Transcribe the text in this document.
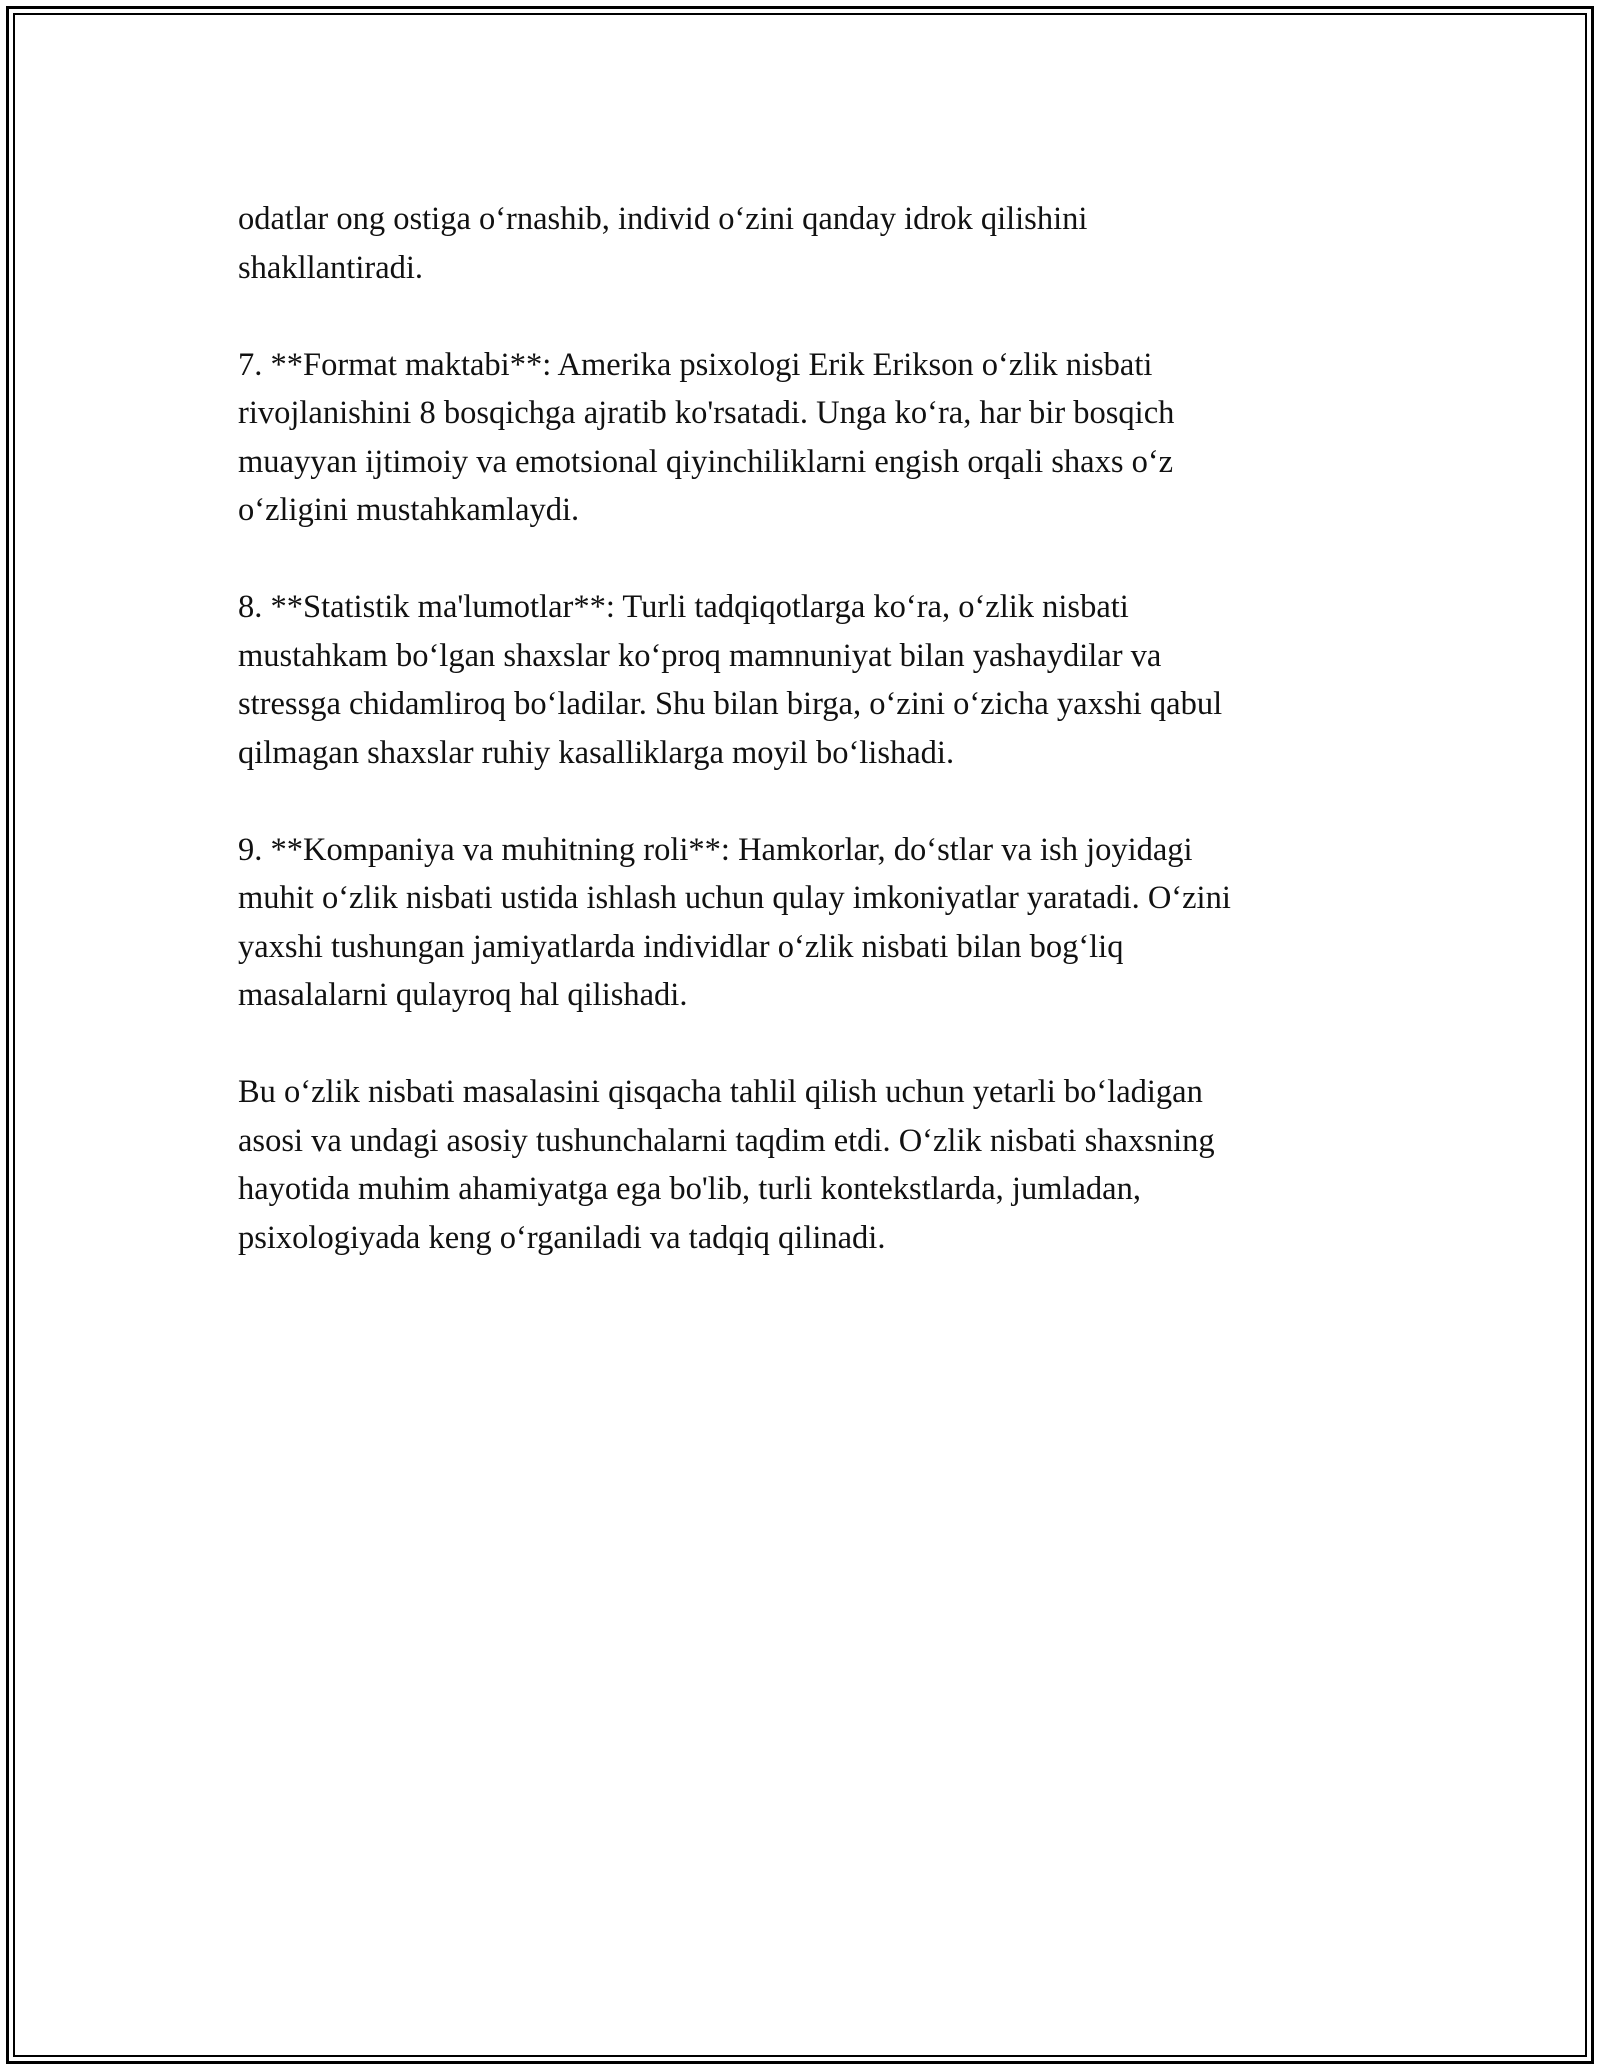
odatlar ong ostiga o‘rnashib, individ o‘zini qanday idrok qilishini
shakllantiradi.

7. **Format maktabi**: Amerika psixologi Erik Erikson o‘zlik nisbati
rivojlanishini 8 bosqichga ajratib ko'rsatadi. Unga ko‘ra, har bir bosqich
muayyan ijtimoiy va emotsional qiyinchiliklarni engish orqali shaxs o‘z
o‘zligini mustahkamlaydi.

8. **Statistik ma'lumotlar**: Turli tadqiqotlarga ko‘ra, o‘zlik nisbati
mustahkam bo‘lgan shaxslar ko‘proq mamnuniyat bilan yashaydilar va
stressga chidamliroq bo‘ladilar. Shu bilan birga, o‘zini o‘zicha yaxshi qabul
qilmagan shaxslar ruhiy kasalliklarga moyil bo‘lishadi.

9. **Kompaniya va muhitning roli**: Hamkorlar, do‘stlar va ish joyidagi
muhit o‘zlik nisbati ustida ishlash uchun qulay imkoniyatlar yaratadi. O‘zini
yaxshi tushungan jamiyatlarda individlar o‘zlik nisbati bilan bog‘liq
masalalarni qulayroq hal qilishadi.

Bu o‘zlik nisbati masalasini qisqacha tahlil qilish uchun yetarli bo‘ladigan
asosi va undagi asosiy tushunchalarni taqdim etdi. O‘zlik nisbati shaxsning
hayotida muhim ahamiyatga ega bo'lib, turli kontekstlarda, jumladan,
psixologiyada keng o‘rganiladi va tadqiq qilinadi.
